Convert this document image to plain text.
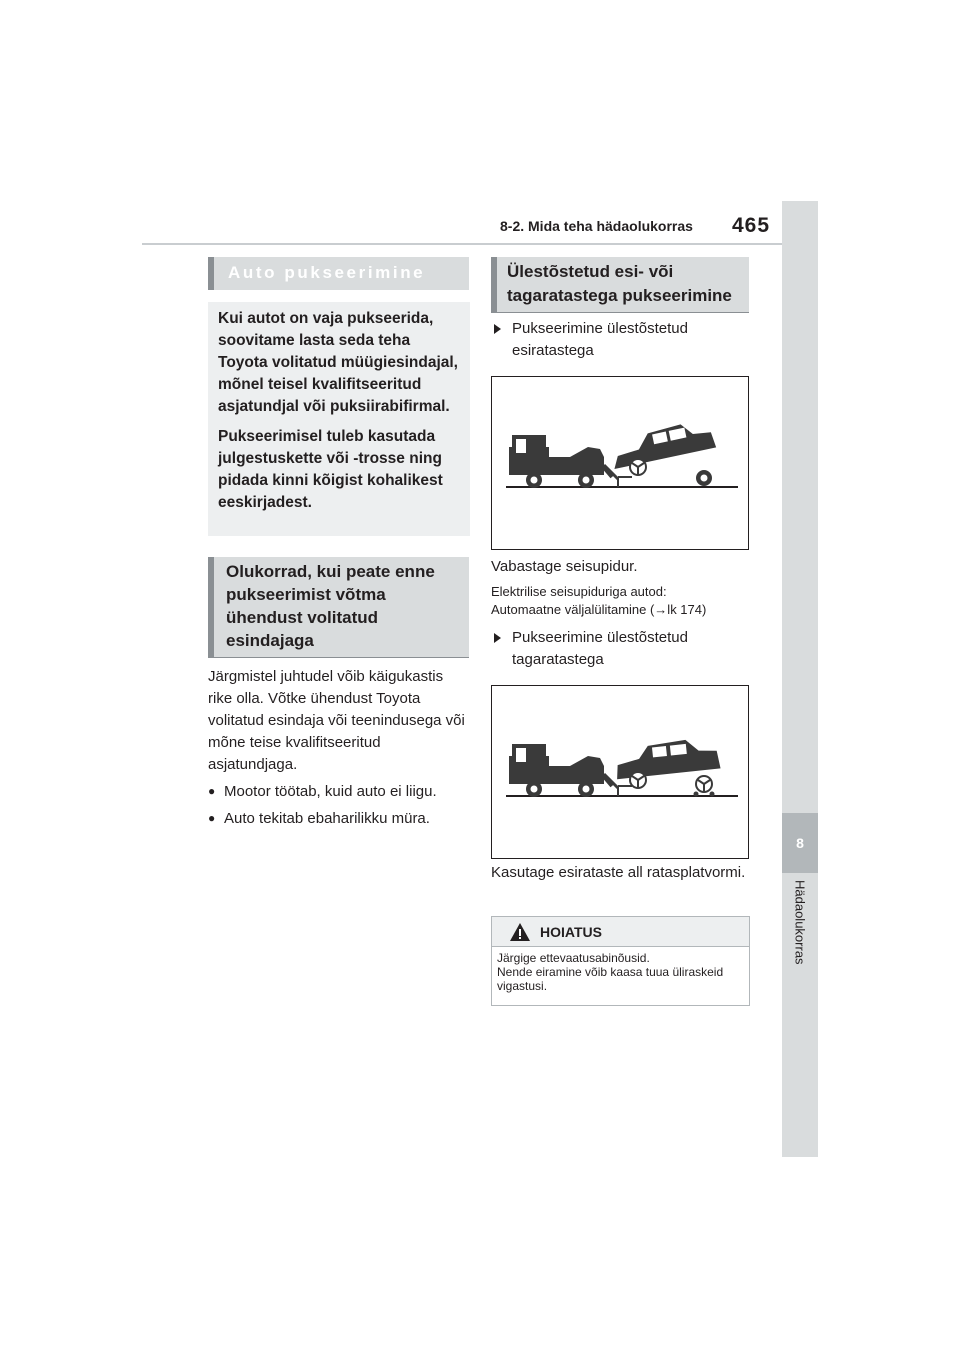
8-2. Mida teha hädaolukorras 465
8
Hädaolukorras
Auto pukseerimine

Kui autot on vaja pukseerida, soovitame lasta seda teha Toyota volitatud müügiesindajal, mõnel teisel kvalifitseeritud asjatundjal või puksiirabifirmal.

Pukseerimisel tuleb kasutada julgestuskette või -trosse ning pidada kinni kõigist kohalikest eeskirjadest.

Olukorrad, kui peate enne pukseerimist võtma ühendust volitatud esindajaga
Järgmistel juhtudel võib käigukastis rike olla. Võtke ühendust Toyota volitatud esindaja või teenindusega või mõne teise kvalifitseeritud asjatundjaga.
● Mootor töötab, kuid auto ei liigu.
● Auto tekitab ebaharilikku müra.
Ülestõstetud esi- või tagaratastega pukseerimine
Pukseerimine ülestõstetud esiratastega
Vabastage seisupidur.
Elektrilise seisupiduriga autod:
Automaatne väljalülitamine (→lk 174)
Pukseerimine ülestõstetud tagaratastega
Kasutage esirataste all ratasplatvormi.
HOIATUS
Järgige ettevaatusabinõusid.
Nende eiramine võib kaasa tuua üliraskeid vigastusi.
